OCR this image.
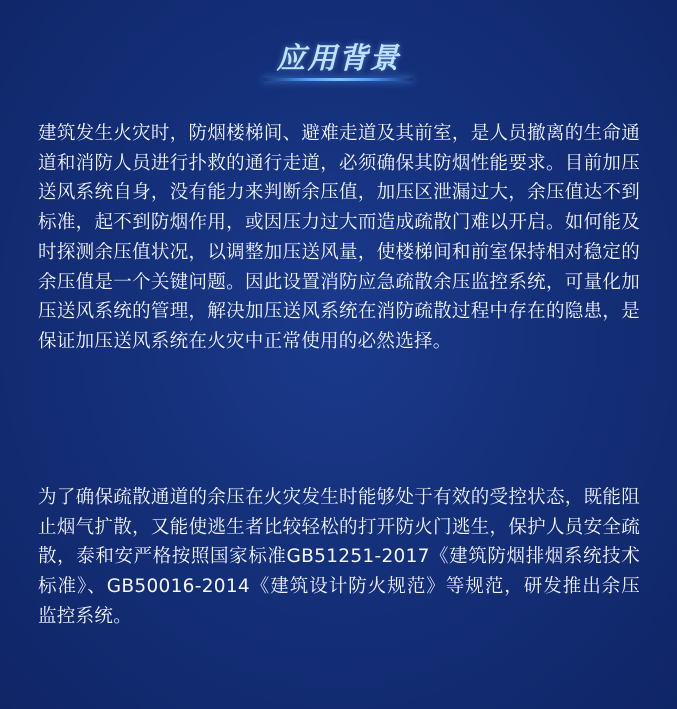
应用背景

建筑发生火灾时，防烟楼梯间、避难走道及其前室，是人员撤离的生命通道和消防人员进行扑救的通行走道，必须确保其防烟性能要求。目前加压送风系统自身，没有能力来判断余压值，加压区泄漏过大，余压值达不到标准，起不到防烟作用，或因压力过大而造成疏散门难以开启。如何能及时探测余压值状况，以调整加压送风量，使楼梯间和前室保持相对稳定的余压值是一个关键问题。因此设置消防应急疏散余压监控系统，可量化加压送风系统的管理，解决加压送风系统在消防疏散过程中存在的隐患，是保证加压送风系统在火灾中正常使用的必然选择。

为了确保疏散通道的余压在火灾发生时能够处于有效的受控状态，既能阻止烟气扩散，又能使逃生者比较轻松的打开防火门逃生，保护人员安全疏散，泰和安严格按照国家标准GB51251-2017《建筑防烟排烟系统技术标准》、GB50016-2014《建筑设计防火规范》等规范，研发推出余压监控系统。
